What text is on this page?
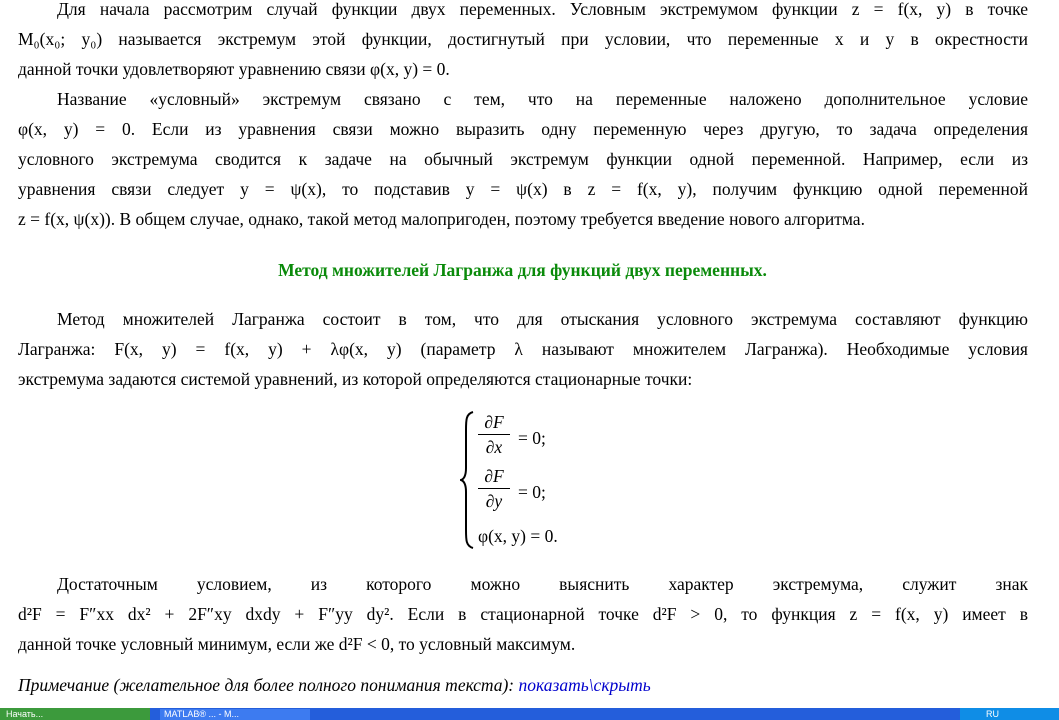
Для начала рассмотрим случай функции двух переменных. Условным экстремумом функции z = f(x, y) в точке
M₀(x₀; y₀) называется экстремум этой функции, достигнутый при условии, что переменные x и y в окрестности
данной точки удовлетворяют уравнению связи φ(x, y) = 0.
Название «условный» экстремум связано с тем, что на переменные наложено дополнительное условие
φ(x, y) = 0. Если из уравнения связи можно выразить одну переменную через другую, то задача определения
условного экстремума сводится к задаче на обычный экстремум функции одной переменной. Например, если из
уравнения связи следует y = ψ(x), то подставив y = ψ(x) в z = f(x, y), получим функцию одной переменной
z = f(x, ψ(x)). В общем случае, однако, такой метод малопригоден, поэтому требуется введение нового алгоритма.
Метод множителей Лагранжа для функций двух переменных.
Метод множителей Лагранжа состоит в том, что для отыскания условного экстремума составляют функцию
Лагранжа: F(x, y) = f(x, y) + λφ(x, y) (параметр λ называют множителем Лагранжа). Необходимые условия
экстремума задаются системой уравнений, из которой определяются стационарные точки:
∂F
∂x = 0;
∂F
∂y = 0;
φ(x, y) = 0.
Достаточным условием, из которого можно выяснить характер экстремума, служит знак
d²F = F″xx dx² + 2F″xy dxdy + F″yy dy². Если в стационарной точке d²F > 0, то функция z = f(x, y) имеет в
данной точке условный минимум, если же d²F < 0, то условный максимум.
Примечание (желательное для более полного понимания текста): показать\скрыть
Начать...	MATLAB® ... - M...	RU
